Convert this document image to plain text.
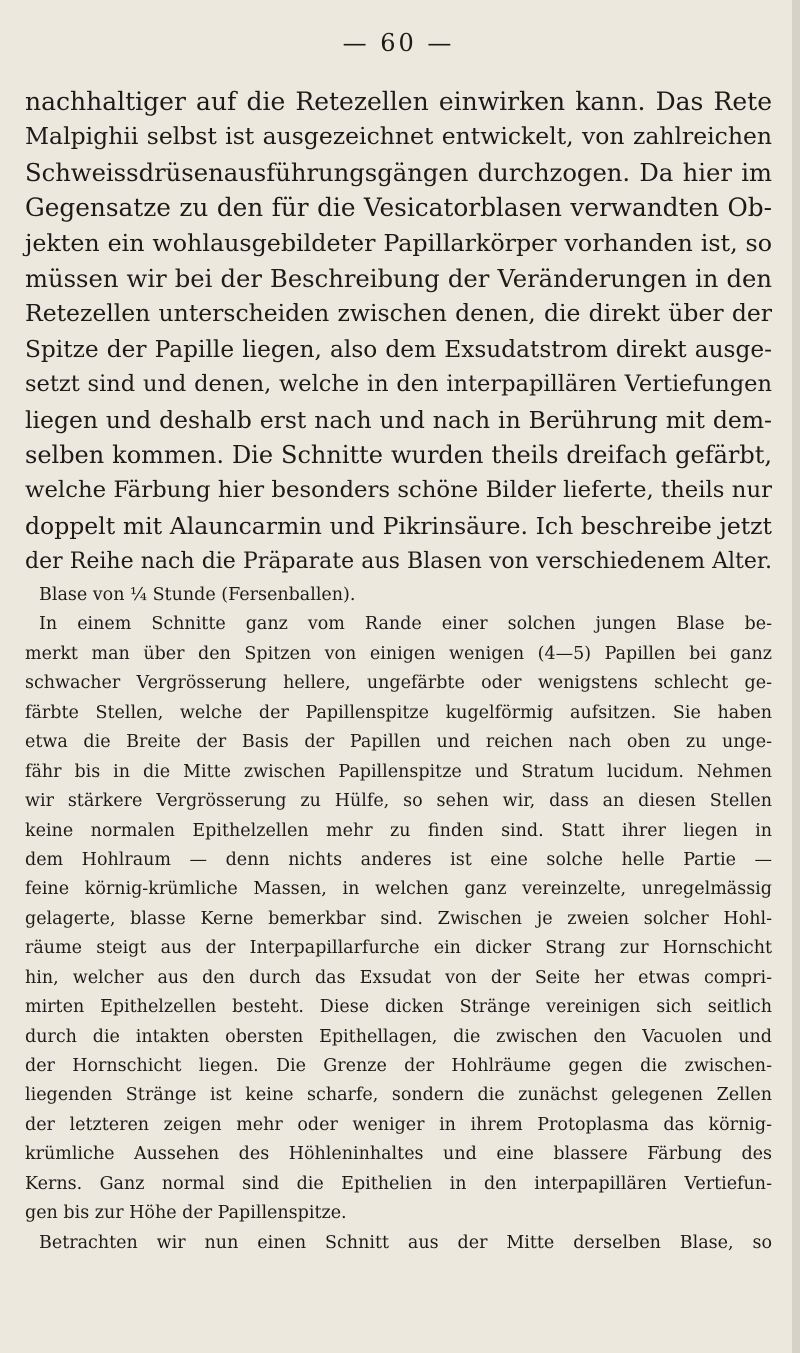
— 60 —
nachhaltiger auf die Retezellen einwirken kann. Das Rete
Malpighii selbst ist ausgezeichnet entwickelt, von zahlreichen
Schweissdrüsenausführungsgängen durchzogen. Da hier im
Gegensatze zu den für die Vesicatorblasen verwandten Ob-
jekten ein wohlausgebildeter Papillarkörper vorhanden ist, so
müssen wir bei der Beschreibung der Veränderungen in den
Retezellen unterscheiden zwischen denen, die direkt über der
Spitze der Papille liegen, also dem Exsudatstrom direkt ausge-
setzt sind und denen, welche in den interpapillären Vertiefungen
liegen und deshalb erst nach und nach in Berührung mit dem-
selben kommen. Die Schnitte wurden theils dreifach gefärbt,
welche Färbung hier besonders schöne Bilder lieferte, theils nur
doppelt mit Alauncarmin und Pikrinsäure. Ich beschreibe jetzt
der Reihe nach die Präparate aus Blasen von verschiedenem Alter.
Blase von ¼ Stunde (Fersenballen).
In einem Schnitte ganz vom Rande einer solchen jungen Blase be-
merkt man über den Spitzen von einigen wenigen (4—5) Papillen bei ganz
schwacher Vergrösserung hellere, ungefärbte oder wenigstens schlecht ge-
färbte Stellen, welche der Papillenspitze kugelförmig aufsitzen. Sie haben
etwa die Breite der Basis der Papillen und reichen nach oben zu unge-
fähr bis in die Mitte zwischen Papillenspitze und Stratum lucidum. Nehmen
wir stärkere Vergrösserung zu Hülfe, so sehen wir, dass an diesen Stellen
keine normalen Epithelzellen mehr zu finden sind. Statt ihrer liegen in
dem Hohlraum — denn nichts anderes ist eine solche helle Partie —
feine körnig-krümliche Massen, in welchen ganz vereinzelte, unregelmässig
gelagerte, blasse Kerne bemerkbar sind. Zwischen je zweien solcher Hohl-
räume steigt aus der Interpapillarfurche ein dicker Strang zur Hornschicht
hin, welcher aus den durch das Exsudat von der Seite her etwas compri-
mirten Epithelzellen besteht. Diese dicken Stränge vereinigen sich seitlich
durch die intakten obersten Epithellagen, die zwischen den Vacuolen und
der Hornschicht liegen. Die Grenze der Hohlräume gegen die zwischen-
liegenden Stränge ist keine scharfe, sondern die zunächst gelegenen Zellen
der letzteren zeigen mehr oder weniger in ihrem Protoplasma das körnig-
krümliche Aussehen des Höhleninhaltes und eine blassere Färbung des
Kerns. Ganz normal sind die Epithelien in den interpapillären Vertiefun-
gen bis zur Höhe der Papillenspitze.
Betrachten wir nun einen Schnitt aus der Mitte derselben Blase, so
